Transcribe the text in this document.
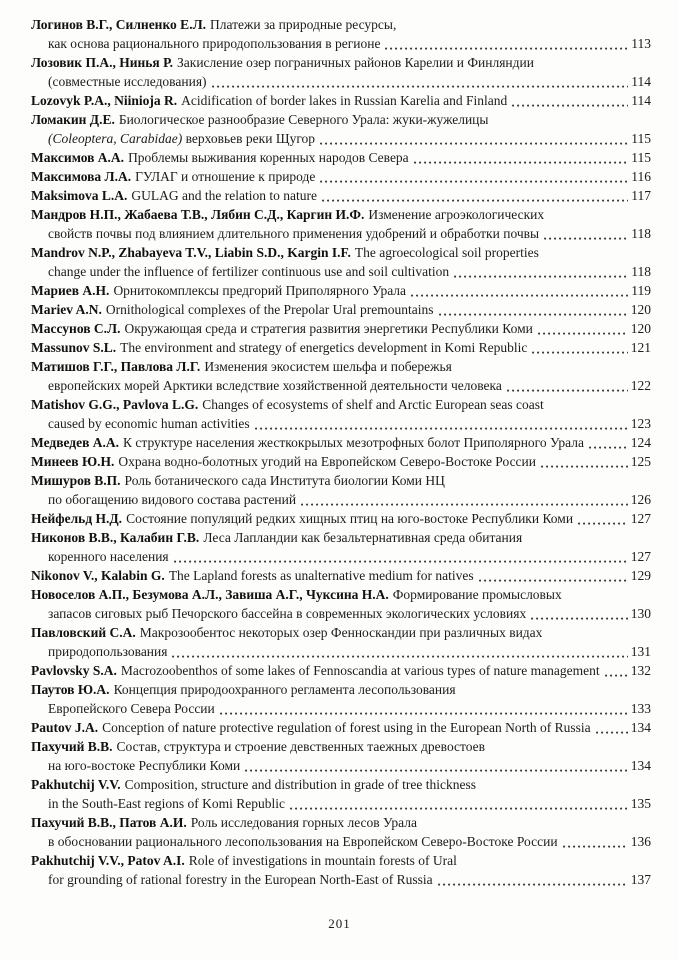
Логинов В.Г., Силненко Е.Л. Платежи за природные ресурсы,
как основа рационального природопользования в регионе	113
Лозовик П.А., Нинья Р. Закисление озер пограничных районов Карелии и Финляндии
(совместные исследования)	114
Lozovyk P.A., Niinioja R. Acidification of border lakes in Russian Karelia and Finland	114
Ломакин Д.Е. Биологическое разнообразие Северного Урала: жуки-жужелицы
(Coleoptera, Carabidae) верховьев реки Щугор	115
Максимов А.А. Проблемы выживания коренных народов Севера	115
Максимова Л.А. ГУЛАГ и отношение к природе	116
Maksimova L.A. GULAG and the relation to nature	117
Мандров Н.П., Жабаева Т.В., Лябин С.Д., Каргин И.Ф. Изменение агроэкологических
свойств почвы под влиянием длительного применения удобрений и обработки почвы	118
Mandrov N.P., Zhabayeva T.V., Liabin S.D., Kargin I.F. The agroecological soil properties
change under the influence of fertilizer continuous use and soil cultivation	118
Мариев А.Н. Орнитокомплексы предгорий Приполярного Урала	119
Mariev A.N. Ornithological complexes of the Prepolar Ural premountains	120
Массунов С.Л. Окружающая среда и стратегия развития энергетики Республики Коми	120
Massunov S.L. The environment and strategy of energetics development in Komi Republic	121
Матишов Г.Г., Павлова Л.Г. Изменения экосистем шельфа и побережья
европейских морей Арктики вследствие хозяйственной деятельности человека	122
Matishov G.G., Pavlova L.G. Changes of ecosystems of shelf and Arctic European seas coast
caused by economic human activities	123
Медведев А.А. К структуре населения жесткокрылых мезотрофных болот Приполярного Урала	124
Минеев Ю.Н. Охрана водно-болотных угодий на Европейском Северо-Востоке России	125
Мишуров В.П. Роль ботанического сада Института биологии Коми НЦ
по обогащению видового состава растений	126
Нейфельд Н.Д. Состояние популяций редких хищных птиц на юго-востоке Республики Коми	127
Никонов В.В., Калабин Г.В. Леса Лапландии как безальтернативная среда обитания
коренного населения	127
Nikonov V., Kalabin G. The Lapland forests as unalternative medium for natives	129
Новоселов А.П., Безумова А.Л., Завиша А.Г., Чуксина Н.А. Формирование промысловых
запасов сиговых рыб Печорского бассейна в современных экологических условиях	130
Павловский С.А. Макрозообентос некоторых озер Фенноскандии при различных видах
природопользования	131
Pavlovsky S.A. Macrozoobenthos of some lakes of Fennoscandia at various types of nature management 132
Паутов Ю.А. Концепция природоохранного регламента лесопользования
Европейского Севера России	133
Pautov J.A. Conception of nature protective regulation of forest using in the European North of Russia	134
Пахучий В.В. Состав, структура и строение девственных таежных древостоев
на юго-востоке Республики Коми	134
Pakhutchij V.V. Composition, structure and distribution in grade of tree thickness
in the South-East regions of Komi Republic	135
Пахучий В.В., Патов А.И. Роль исследования горных лесов Урала
в обосновании рационального лесопользования на Европейском Северо-Востоке России	136
Pakhutchij V.V., Patov A.I. Role of investigations in mountain forests of Ural
for grounding of rational forestry in the European North-East of Russia	137
201
